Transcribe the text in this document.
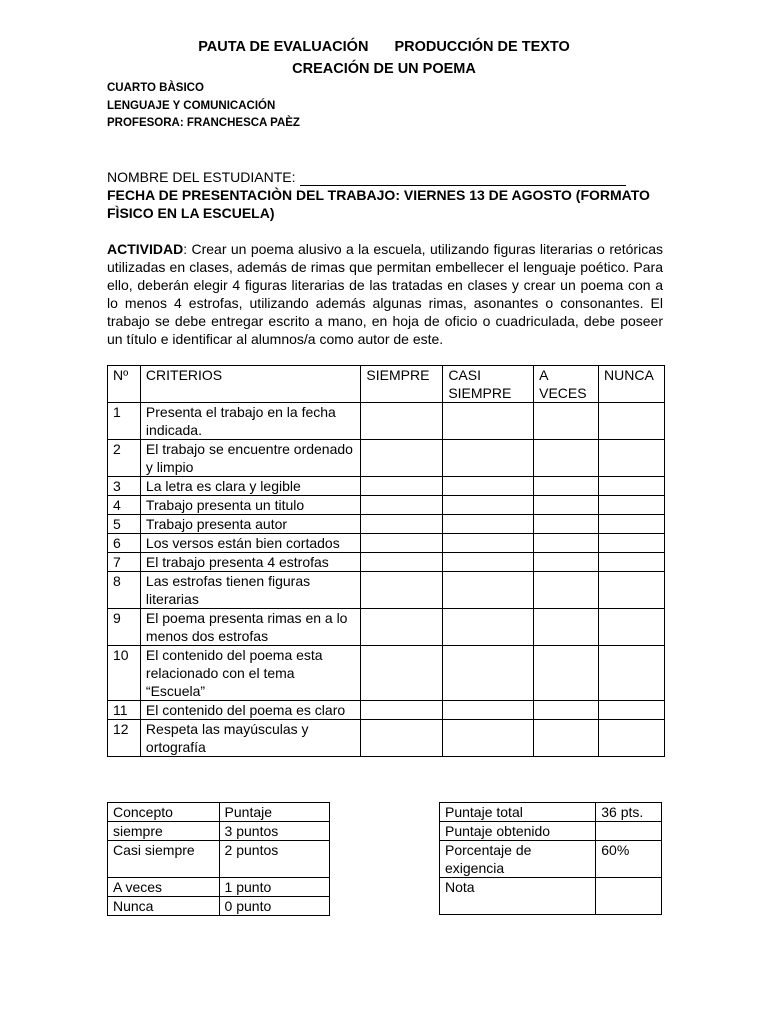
PAUTA DE EVALUACIÓN PRODUCCIÓN DE TEXTO
CREACIÓN DE UN POEMA
CUARTO BÀSICO
LENGUAJE Y COMUNICACIÓN
PROFESORA: FRANCHESCA PAÈZ
NOMBRE DEL ESTUDIANTE:
FECHA DE PRESENTACIÒN DEL TRABAJO: VIERNES 13 DE AGOSTO (FORMATO FÌSICO EN LA ESCUELA)
ACTIVIDAD: Crear un poema alusivo a la escuela, utilizando figuras literarias o retóricas utilizadas en clases, además de rimas que permitan embellecer el lenguaje poético. Para ello, deberán elegir 4 figuras literarias de las tratadas en clases y crear un poema con a lo menos 4 estrofas, utilizando además algunas rimas, asonantes o consonantes. El trabajo se debe entregar escrito a mano, en hoja de oficio o cuadriculada, debe poseer un título e identificar al alumnos/a como autor de este.
Nº	CRITERIOS	SIEMPRE	CASI SIEMPRE	A VECES	NUNCA
1	Presenta el trabajo en la fecha indicada.				
2	El trabajo se encuentre ordenado y limpio				
3	La letra es clara y legible				
4	Trabajo presenta un titulo				
5	Trabajo presenta autor				
6	Los versos están bien cortados				
7	El trabajo presenta 4 estrofas				
8	Las estrofas tienen figuras literarias				
9	El poema presenta rimas en a lo menos dos estrofas				
10	El contenido del poema esta relacionado con el tema “Escuela”				
11	El contenido del poema es claro				
12	Respeta las mayúsculas y ortografía				
Concepto	Puntaje
siempre	3 puntos
Casi siempre	2 puntos
A veces	1 punto
Nunca	0 punto
Puntaje total	36 pts.
Puntaje obtenido	
Porcentaje de exigencia	60%
Nota	
